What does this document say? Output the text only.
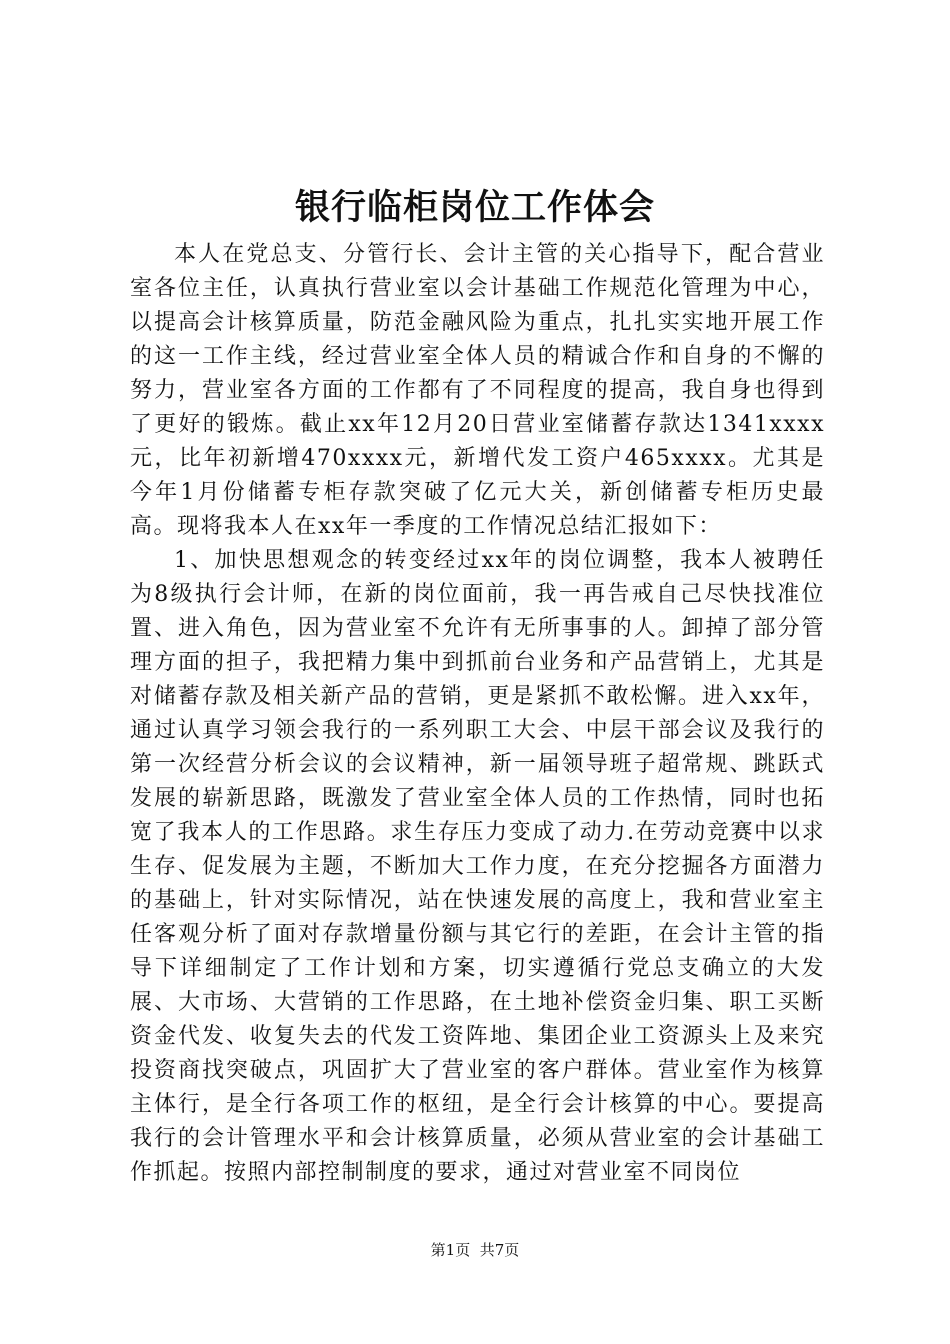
银行临柜岗位工作体会

本人在党总支、分管行长、会计主管的关心指导下，配合营业室各位主任，认真执行营业室以会计基础工作规范化管理为中心，以提高会计核算质量，防范金融风险为重点，扎扎实实地开展工作的这一工作主线，经过营业室全体人员的精诚合作和自身的不懈的努力，营业室各方面的工作都有了不同程度的提高，我自身也得到了更好的锻炼。截止xx年12月20日营业室储蓄存款达1341xxxx元，比年初新增470xxxx元，新增代发工资户465xxxx。尤其是今年1月份储蓄专柜存款突破了亿元大关，新创储蓄专柜历史最高。现将我本人在xx年一季度的工作情况总结汇报如下：

1、加快思想观念的转变经过xx年的岗位调整，我本人被聘任为8级执行会计师，在新的岗位面前，我一再告戒自己尽快找准位置、进入角色，因为营业室不允许有无所事事的人。卸掉了部分管理方面的担子，我把精力集中到抓前台业务和产品营销上，尤其是对储蓄存款及相关新产品的营销，更是紧抓不敢松懈。进入xx年，通过认真学习领会我行的一系列职工大会、中层干部会议及我行的第一次经营分析会议的会议精神，新一届领导班子超常规、跳跃式发展的崭新思路，既激发了营业室全体人员的工作热情，同时也拓宽了我本人的工作思路。求生存压力变成了动力.在劳动竞赛中以求生存、促发展为主题，不断加大工作力度，在充分挖掘各方面潜力的基础上，针对实际情况，站在快速发展的高度上，我和营业室主任客观分析了面对存款增量份额与其它行的差距，在会计主管的指导下详细制定了工作计划和方案，切实遵循行党总支确立的大发展、大市场、大营销的工作思路，在土地补偿资金归集、职工买断资金代发、收复失去的代发工资阵地、集团企业工资源头上及来究投资商找突破点，巩固扩大了营业室的客户群体。营业室作为核算主体行，是全行各项工作的枢纽，是全行会计核算的中心。要提高我行的会计管理水平和会计核算质量，必须从营业室的会计基础工作抓起。按照内部控制制度的要求，通过对营业室不同岗位

第1页 共7页
